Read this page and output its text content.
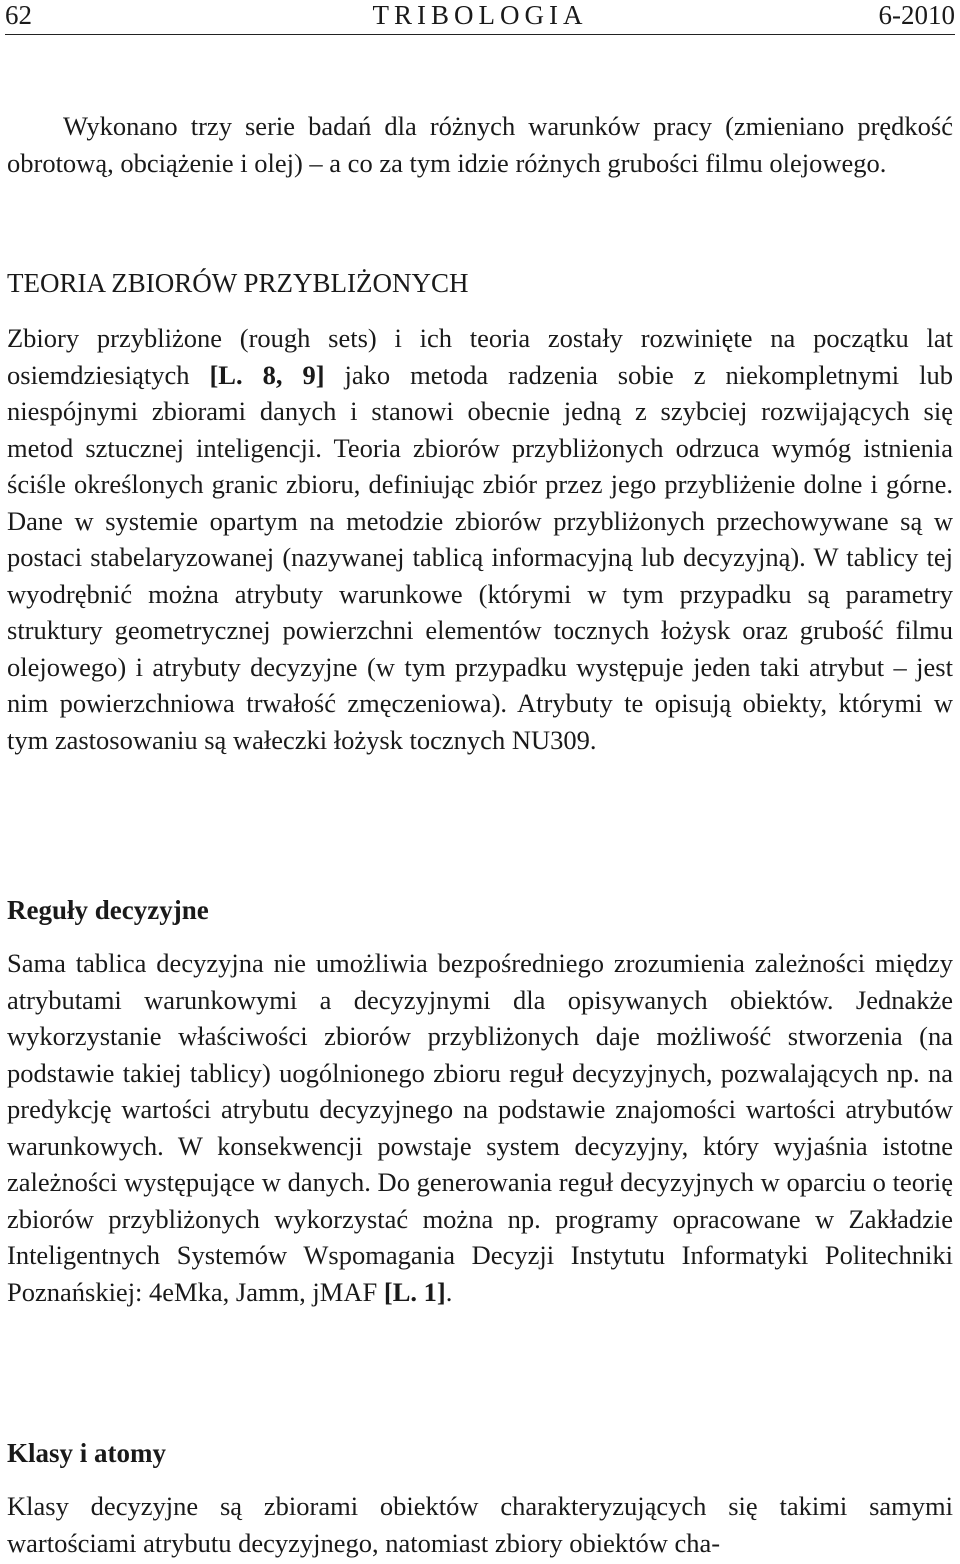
62	TRIBOLOGIA	6-2010

Wykonano trzy serie badań dla różnych warunków pracy (zmieniano prędkość obrotową, obciążenie i olej) – a co za tym idzie różnych grubości filmu olejowego.

TEORIA ZBIORÓW PRZYBLIŻONYCH

Zbiory przybliżone (rough sets) i ich teoria zostały rozwinięte na początku lat osiemdziesiątych [L. 8, 9] jako metoda radzenia sobie z niekompletnymi lub niespójnymi zbiorami danych i stanowi obecnie jedną z szybciej rozwijających się metod sztucznej inteligencji. Teoria zbiorów przybliżonych odrzuca wymóg istnienia ściśle określonych granic zbioru, definiując zbiór przez jego przybliżenie dolne i górne. Dane w systemie opartym na metodzie zbiorów przybliżonych przechowywane są w postaci stabelaryzowanej (nazywanej tablicą informacyjną lub decyzyjną). W tablicy tej wyodrębnić można atrybuty warunkowe (którymi w tym przypadku są parametry struktury geometrycznej powierzchni elementów tocznych łożysk oraz grubość filmu olejowego) i atrybuty decyzyjne (w tym przypadku występuje jeden taki atrybut – jest nim powierzchniowa trwałość zmęczeniowa). Atrybuty te opisują obiekty, którymi w tym zastosowaniu są wałeczki łożysk tocznych NU309.

Reguły decyzyjne

Sama tablica decyzyjna nie umożliwia bezpośredniego zrozumienia zależności między atrybutami warunkowymi a decyzyjnymi dla opisywanych obiektów. Jednakże wykorzystanie właściwości zbiorów przybliżonych daje możliwość stworzenia (na podstawie takiej tablicy) uogólnionego zbioru reguł decyzyjnych, pozwalających np. na predykcję wartości atrybutu decyzyjnego na podstawie znajomości wartości atrybutów warunkowych. W konsekwencji powstaje system decyzyjny, który wyjaśnia istotne zależności występujące w danych. Do generowania reguł decyzyjnych w oparciu o teorię zbiorów przybliżonych wykorzystać można np. programy opracowane w Zakładzie Inteligentnych Systemów Wspomagania Decyzji Instytutu Informatyki Politechniki Poznańskiej: 4eMka, Jamm, jMAF [L. 1].

Klasy i atomy

Klasy decyzyjne są zbiorami obiektów charakteryzujących się takimi samymi wartościami atrybutu decyzyjnego, natomiast zbiory obiektów cha-
